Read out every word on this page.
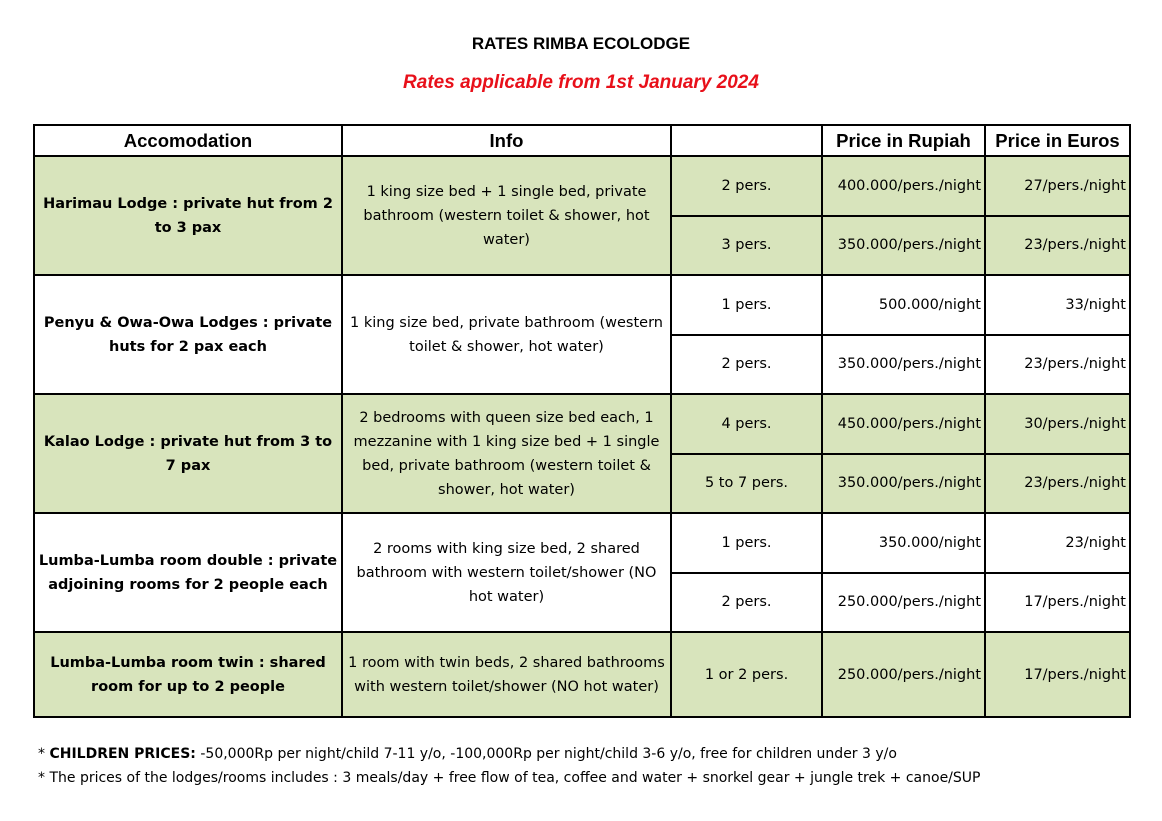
RATES RIMBA ECOLODGE
Rates applicable from 1st January 2024
Accomodation	Info		Price in Rupiah	Price in Euros
Harimau Lodge : private hut from 2 to 3 pax	1 king size bed + 1 single bed, private bathroom (western toilet & shower, hot water)	2 pers.	400.000/pers./night	27/pers./night
		3 pers.	350.000/pers./night	23/pers./night
Penyu & Owa-Owa Lodges : private huts for 2 pax each	1 king size bed, private bathroom (western toilet & shower, hot water)	1 pers.	500.000/night	33/night
		2 pers.	350.000/pers./night	23/pers./night
Kalao Lodge : private hut from 3 to 7 pax	2 bedrooms with queen size bed each, 1 mezzanine with 1 king size bed + 1 single bed, private bathroom (western toilet & shower, hot water)	4 pers.	450.000/pers./night	30/pers./night
		5 to 7 pers.	350.000/pers./night	23/pers./night
Lumba-Lumba room double : private adjoining rooms for 2 people each	2 rooms with king size bed, 2 shared bathroom with western toilet/shower (NO hot water)	1 pers.	350.000/night	23/night
		2 pers.	250.000/pers./night	17/pers./night
Lumba-Lumba room twin : shared room for up to 2 people	1 room with twin beds, 2 shared bathrooms with western toilet/shower (NO hot water)	1 or 2 pers.	250.000/pers./night	17/pers./night
* CHILDREN PRICES: -50,000Rp per night/child 7-11 y/o, -100,000Rp per night/child 3-6 y/o, free for children under 3 y/o
* The prices of the lodges/rooms includes : 3 meals/day + free flow of tea, coffee and water + snorkel gear + jungle trek + canoe/SUP
